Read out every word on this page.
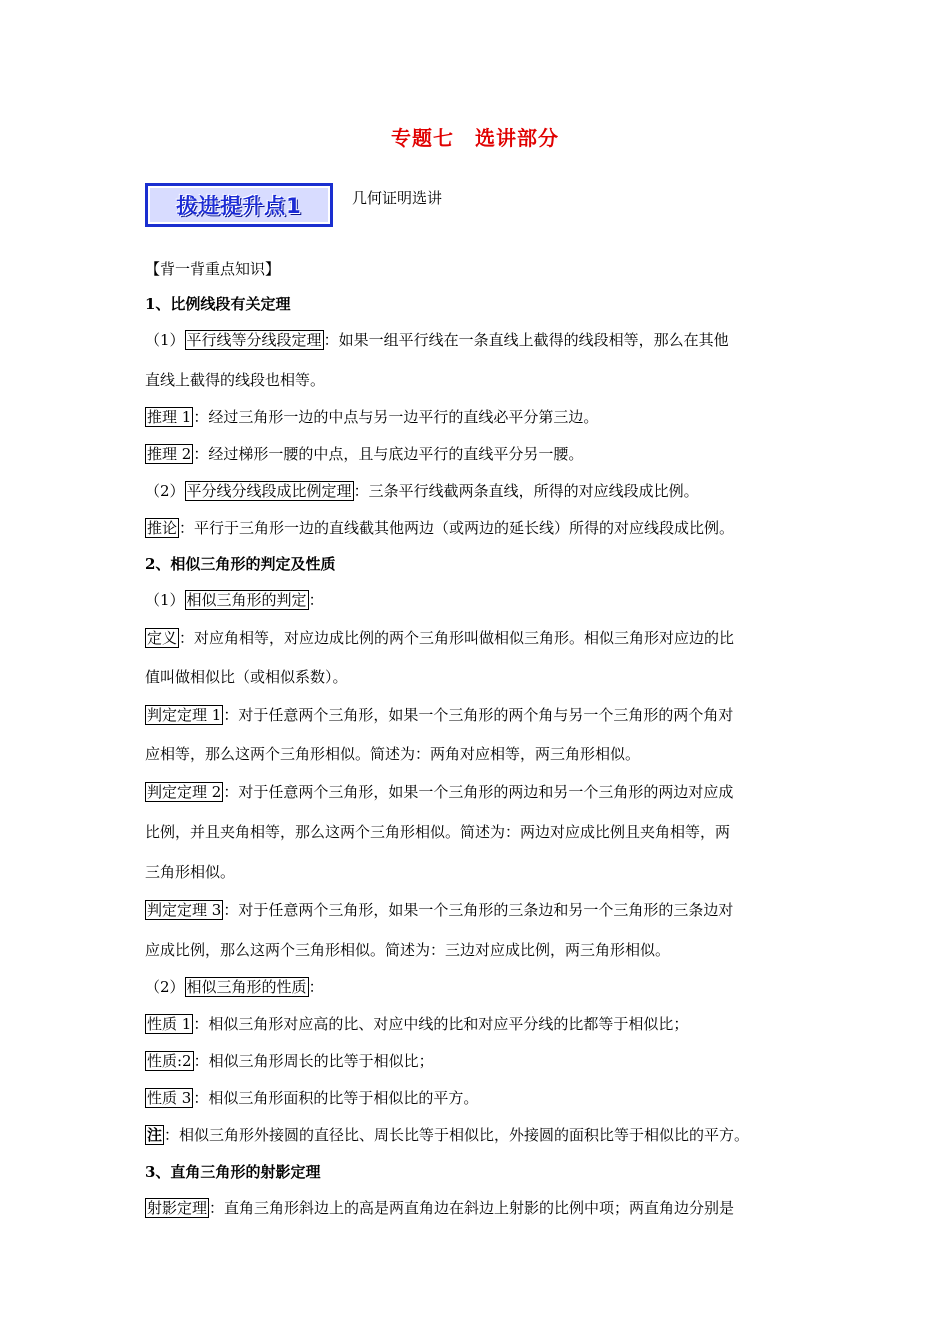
专题七　选讲部分
拔进提升点1	几何证明选讲
【背一背重点知识】
1、比例线段有关定理
（1） 平行线等分线段定理 ：如果一组平行线在一条直线上截得的线段相等，那么在其他
直线上截得的线段也相等。
推理 1 ：经过三角形一边的中点与另一边平行的直线必平分第三边。
推理 2 ：经过梯形一腰的中点，且与底边平行的直线平分另一腰。
（2） 平分线分线段成比例定理 ：三条平行线截两条直线，所得的对应线段成比例。
推论 ：平行于三角形一边的直线截其他两边（或两边的延长线）所得的对应线段成比例。
2、相似三角形的判定及性质
（1） 相似三角形的判定 ：
定义 ：对应角相等，对应边成比例的两个三角形叫做相似三角形。相似三角形对应边的比
值叫做相似比（或相似系数）。
判定定理 1 ：对于任意两个三角形，如果一个三角形的两个角与另一个三角形的两个角对
应相等，那么这两个三角形相似。简述为：两角对应相等，两三角形相似。
判定定理 2 ：对于任意两个三角形，如果一个三角形的两边和另一个三角形的两边对应成
比例，并且夹角相等，那么这两个三角形相似。简述为：两边对应成比例且夹角相等，两
三角形相似。
判定定理 3 ：对于任意两个三角形，如果一个三角形的三条边和另一个三角形的三条边对
应成比例，那么这两个三角形相似。简述为：三边对应成比例，两三角形相似。
（2） 相似三角形的性质 ：
性质 1 ：相似三角形对应高的比、对应中线的比和对应平分线的比都等于相似比；
性质:2 ：相似三角形周长的比等于相似比；
性质 3 ：相似三角形面积的比等于相似比的平方。
注 ：相似三角形外接圆的直径比、周长比等于相似比，外接圆的面积比等于相似比的平方。
3、直角三角形的射影定理
射影定理 ：直角三角形斜边上的高是两直角边在斜边上射影的比例中项；两直角边分别是
